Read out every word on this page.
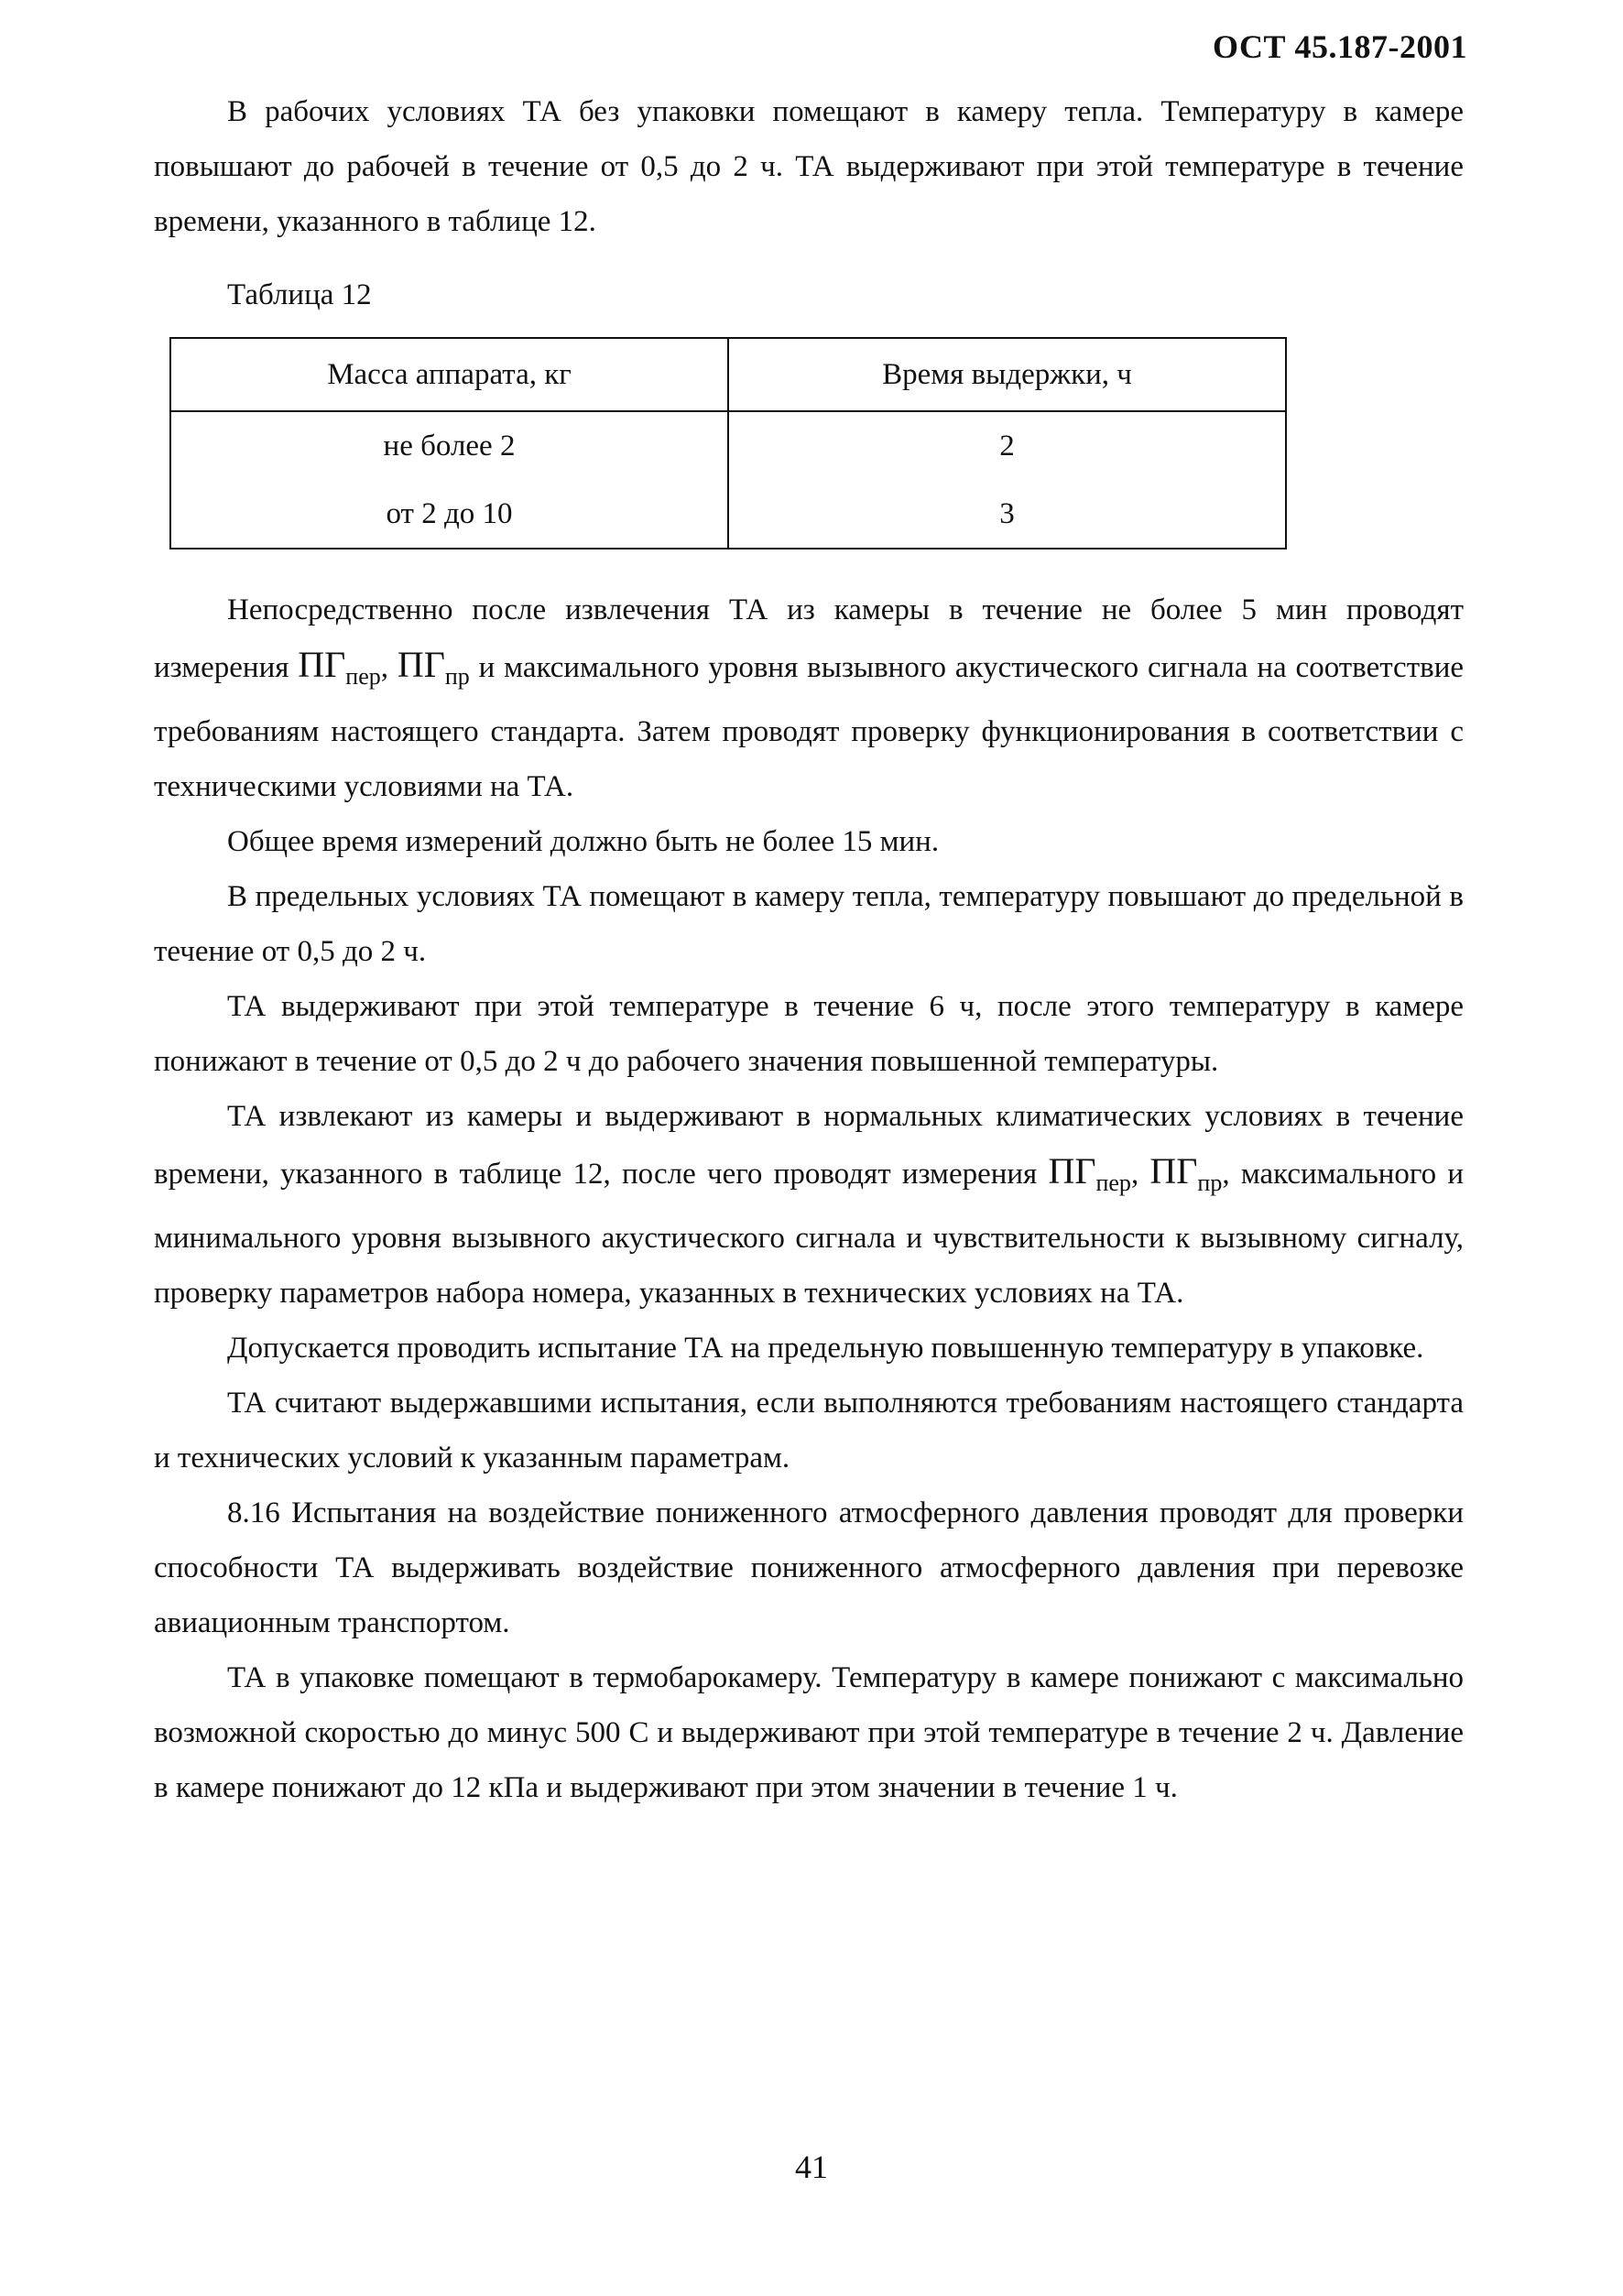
ОСТ 45.187-2001

В рабочих условиях ТА без упаковки помещают в камеру тепла. Температуру в камере повышают до рабочей в течение от 0,5 до 2 ч. ТА выдерживают при этой температуре в течение времени, указанного в таблице 12.

Таблица 12
Масса аппарата, кг	Время выдержки, ч
не более 2	2
от 2 до 10	3

Непосредственно после извлечения ТА из камеры в течение не более 5 мин проводят измерения $ПГ_{пер}$, $ПГ_{пр}$ и максимального уровня вызывного акустического сигнала на соответствие требованиям настоящего стандарта. Затем проводят проверку функционирования в соответствии с техническими условиями на ТА.

Общее время измерений должно быть не более 15 мин.

В предельных условиях ТА помещают в камеру тепла, температуру повышают до предельной в течение от 0,5 до 2 ч.

ТА выдерживают при этой температуре в течение 6 ч, после этого температуру в камере понижают в течение от 0,5 до 2 ч до рабочего значения повышенной температуры.

ТА извлекают из камеры и выдерживают в нормальных климатических условиях в течение времени, указанного в таблице 12, после чего проводят измерения $ПГ_{пер}$, $ПГ_{пр}$, максимального и минимального уровня вызывного акустического сигнала и чувствительности к вызывному сигналу, проверку параметров набора номера, указанных в технических условиях на ТА.

Допускается проводить испытание ТА на предельную повышенную температуру в упаковке.

ТА считают выдержавшими испытания, если выполняются требованиям настоящего стандарта и технических условий к указанным параметрам.

8.16 Испытания на воздействие пониженного атмосферного давления проводят для проверки способности ТА выдерживать воздействие пониженного атмосферного давления при перевозке авиационным транспортом.

ТА в упаковке помещают в термобарокамеру. Температуру в камере понижают с максимально возможной скоростью до минус 500 С и выдерживают при этой температуре в течение 2 ч. Давление в камере понижают до 12 кПа и выдерживают при этом значении в течение 1 ч.

41
